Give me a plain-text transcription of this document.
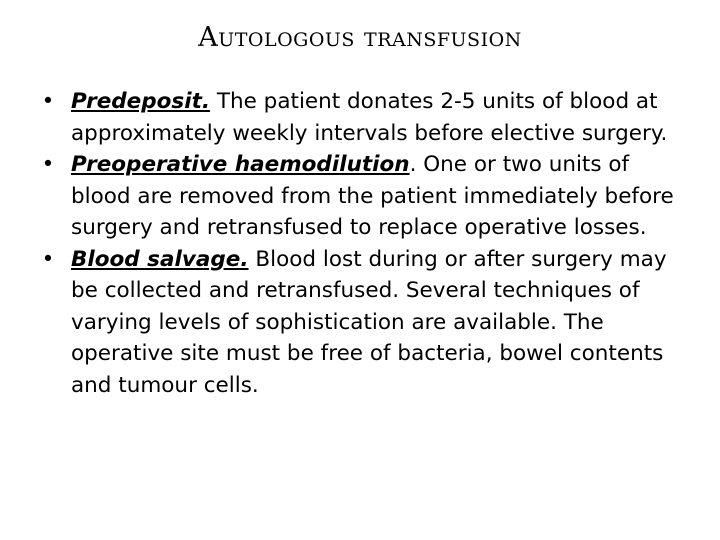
Autologous transfusion
• Predeposit. The patient donates 2-5 units of blood at approximately weekly intervals before elective surgery.
• Preoperative haemodilution. One or two units of blood are removed from the patient immediately before surgery and retransfused to replace operative losses.
• Blood salvage. Blood lost during or after surgery may be collected and retransfused. Several techniques of varying levels of sophistication are available. The operative site must be free of bacteria, bowel contents and tumour cells.
